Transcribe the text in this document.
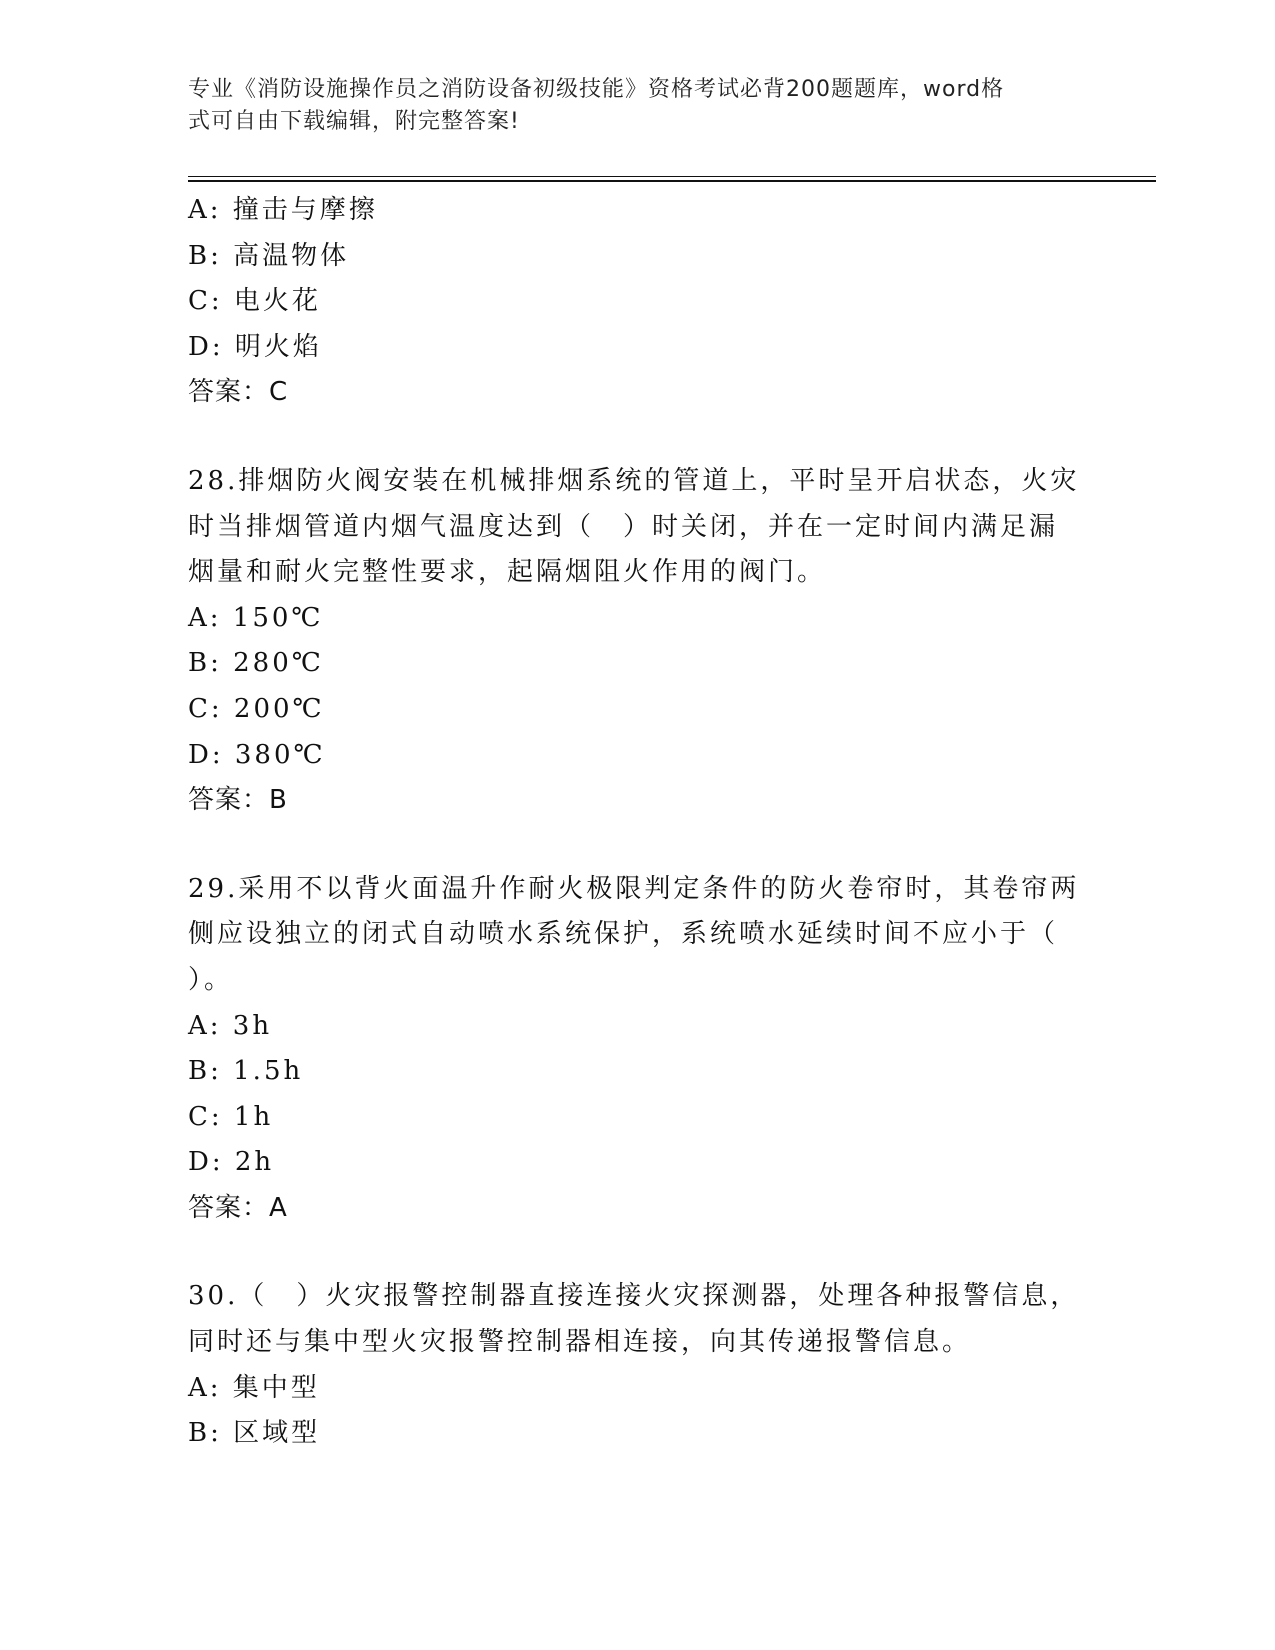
专业《消防设施操作员之消防设备初级技能》资格考试必背200题题库，word格
式可自由下载编辑，附完整答案!
A: 撞击与摩擦
B: 高温物体
C: 电火花
D: 明火焰
答案：C
28.排烟防火阀安装在机械排烟系统的管道上，平时呈开启状态，火灾
时当排烟管道内烟气温度达到（　）时关闭，并在一定时间内满足漏
烟量和耐火完整性要求，起隔烟阻火作用的阀门。
A: 150℃
B: 280℃
C: 200℃
D: 380℃
答案：B
29.采用不以背火面温升作耐火极限判定条件的防火卷帘时，其卷帘两
侧应设独立的闭式自动喷水系统保护，系统喷水延续时间不应小于（
）。
A: 3h
B: 1.5h
C: 1h
D: 2h
答案：A
30.（　）火灾报警控制器直接连接火灾探测器，处理各种报警信息，
同时还与集中型火灾报警控制器相连接，向其传递报警信息。
A: 集中型
B: 区域型
